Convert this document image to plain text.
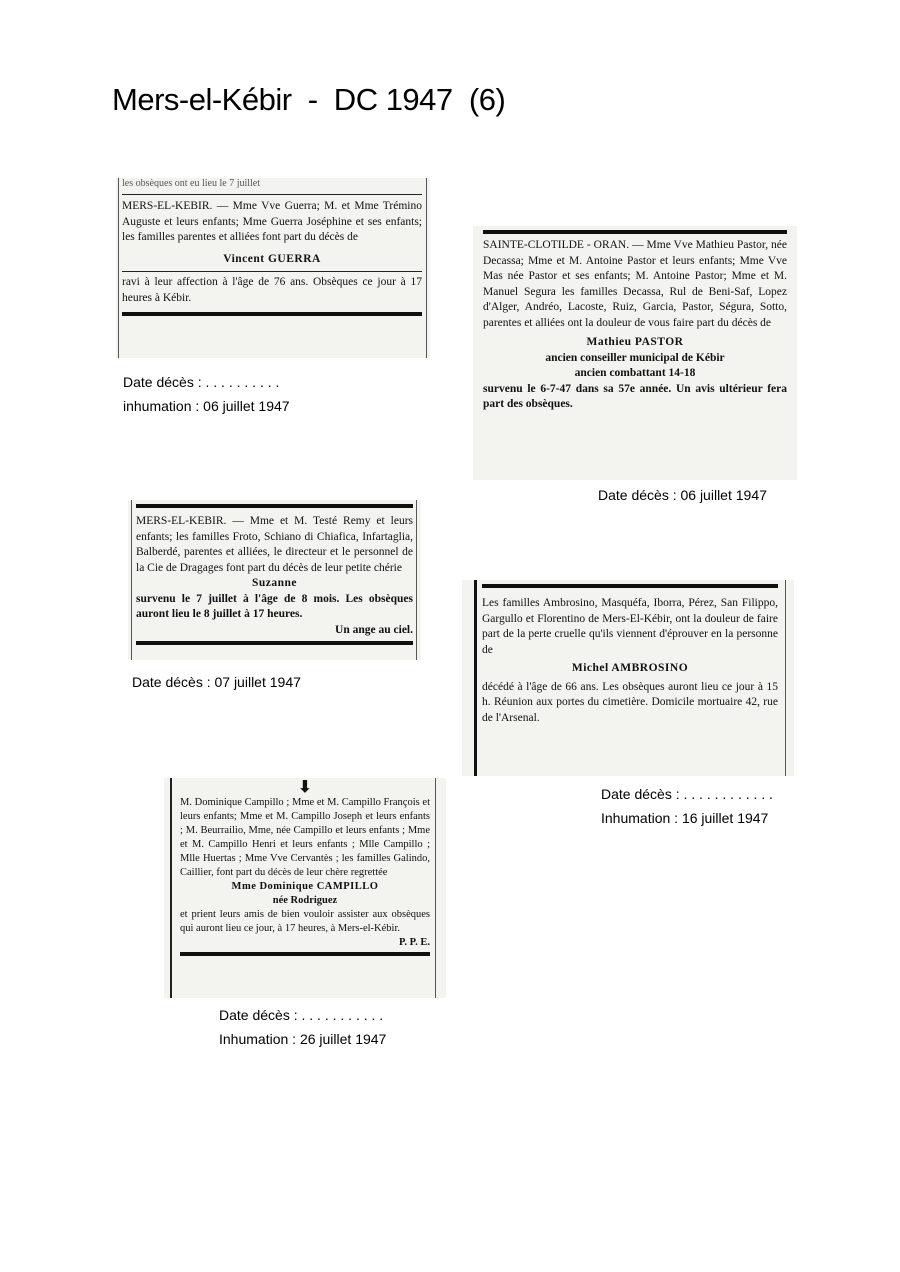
Mers-el-Kébir  -  DC 1947  (6)
les obsèques ont eu lieu le 7 juillet

MERS-EL-KEBIR. — Mme Vve Guerra; M. et Mme Trémino Auguste et leurs enfants; Mme Guerra Joséphine et ses enfants; les familles parentes et alliées font part du décès de

Vincent GUERRA

ravi à leur affection à l'âge de 76 ans. Obsèques ce jour à 17 heures à Kébir.

Date décès : . . . . . . . . . .
inhumation : 06 juillet 1947

SAINTE-CLOTILDE - ORAN. — Mme Vve Mathieu Pastor, née Decassa; Mme et M. Antoine Pastor et leurs enfants; Mme Vve Mas née Pastor et ses enfants; M. Antoine Pastor; Mme et M. Manuel Segura les familles Decassa, Rul de Beni-Saf, Lopez d'Alger, Andréo, Lacoste, Ruiz, Garcia, Pastor, Ségura, Sotto, parentes et alliées ont la douleur de vous faire part du décès de

Mathieu PASTOR
ancien conseiller municipal de Kébir
ancien combattant 14-18

survenu le 6-7-47 dans sa 57e année. Un avis ultérieur fera part des obsèques.

Date décès : 06 juillet 1947

MERS-EL-KEBIR. — Mme et M. Testé Remy et leurs enfants; les familles Froto, Schiano di Chiafica, Infartaglia, Balberdé, parentes et alliées, le directeur et le personnel de la Cie de Dragages font part du décès de leur petite chérie

Suzanne

survenu le 7 juillet à l'âge de 8 mois. Les obsèques auront lieu le 8 juillet à 17 heures.

Un ange au ciel.
Date décès : 07 juillet 1947

Les familles Ambrosino, Masquéfa, Iborra, Pérez, San Filippo, Gargullo et Florentino de Mers-El-Kébir, ont la douleur de faire part de la perte cruelle qu'ils viennent d'éprouver en la personne de

Michel AMBROSINO

décédé à l'âge de 66 ans. Les obsèques auront lieu ce jour à 15 h. Réunion aux portes du cimetière. Domicile mortuaire 42, rue de l'Arsenal.

Date décès : . . . . . . . . . . . .
Inhumation : 16 juillet 1947
⬇

M. Dominique Campillo ; Mme et M. Campillo François et leurs enfants; Mme et M. Campillo Joseph et leurs enfants ; M. Beurrailio, Mme, née Campillo et leurs enfants ; Mme et M. Campillo Henri et leurs enfants ; Mlle Campillo ; Mlle Huertas ; Mme Vve Cervantès ; les familles Galindo, Caillier, font part du décès de leur chère regrettée

Mme Dominique CAMPILLO
née Rodriguez

et prient leurs amis de bien vouloir assister aux obsèques qui auront lieu ce jour, à 17 heures, à Mers-el-Kébir.

P. P. E.
Date décès : . . . . . . . . . . .
Inhumation : 26 juillet 1947
